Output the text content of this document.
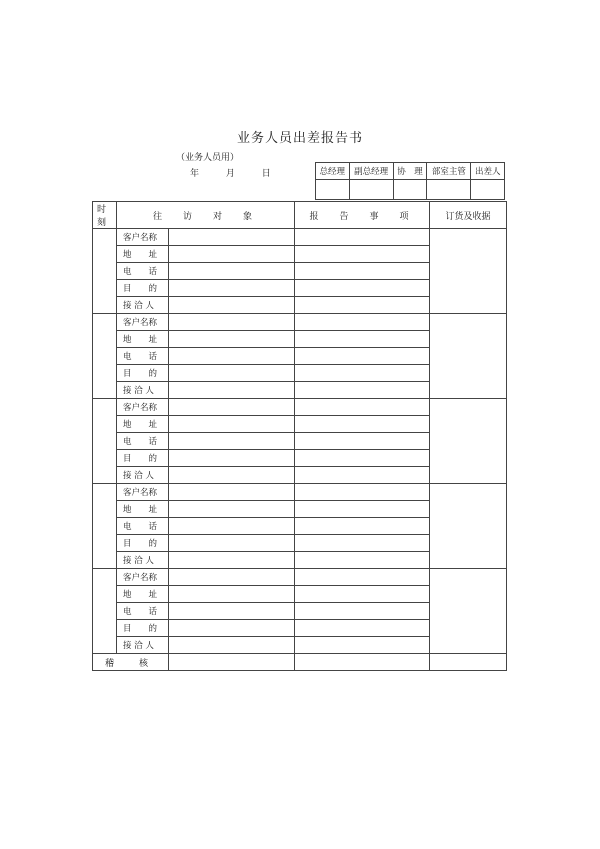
业务人员出差报告书
（业务人员用）
年	月	日	总经理	副总经理	协　理	部室主管	出差人

时刻	往　访　对　象		报　告　事　项	订货及收据
	客户名称			
	地　　址			
	电　　话			
	目　　的			
	接 洽 人			
	客户名称			
	地　　址			
	电　　话			
	目　　的			
	接 洽 人			
	客户名称			
	地　　址			
	电　　话			
	目　　的			
	接 洽 人			
	客户名称			
	地　　址			
	电　　话			
	目　　的			
	接 洽 人			
	客户名称			
	地　　址			
	电　　话			
	目　　的			
	接 洽 人			
稽　核				
